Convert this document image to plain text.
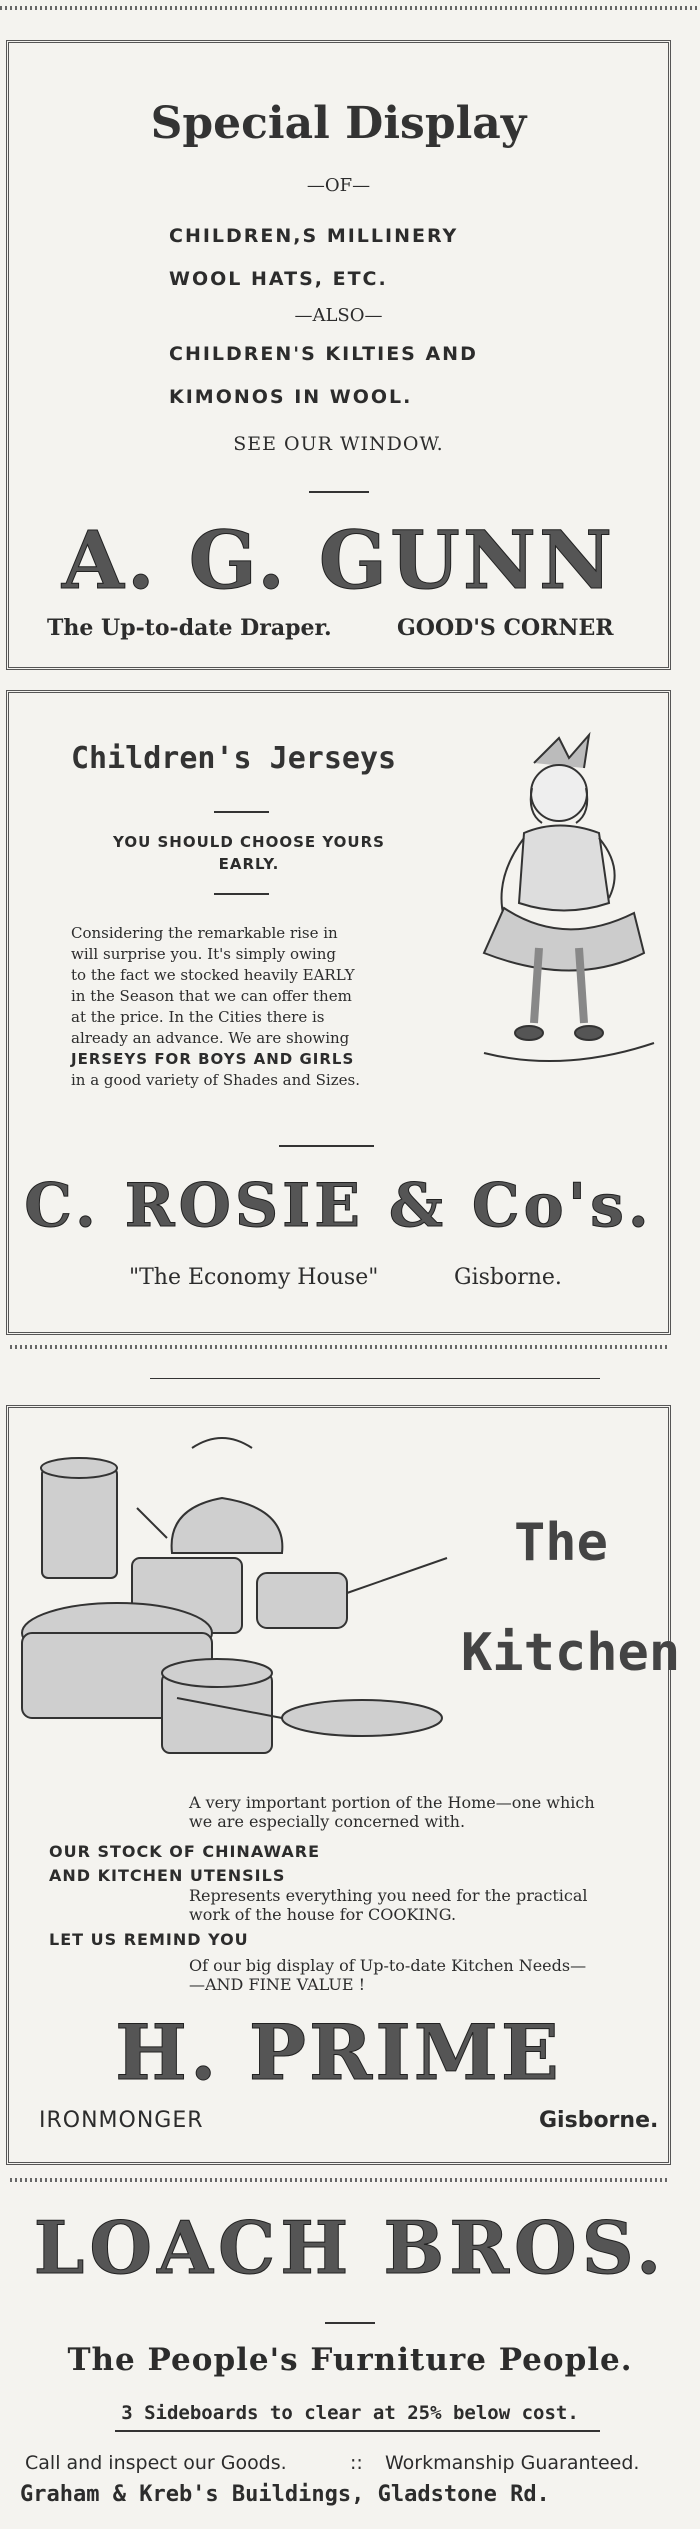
Special Display
—OF—
CHILDREN,S MILLINERY
WOOL HATS, ETC.
—ALSO—
CHILDREN'S KILTIES AND
KIMONOS IN WOOL.
SEE OUR WINDOW.
A. G. GUNN
The Up-to-date Draper.	GOOD'S CORNER
Children's Jerseys
YOU SHOULD CHOOSE YOURS
EARLY.

Considering the remarkable rise in

will surprise you. It's simply owing

to the fact we stocked heavily EARLY

in the Season that we can offer them

at the price. In the Cities there is

already an advance. We are showing

JERSEYS FOR BOYS AND GIRLS

in a good variety of Shades and Sizes.

C. ROSIE & Co's.
"The Economy House"	Gisborne.
The
Kitchen

A very important portion of the Home—one which

we are especially concerned with.

OUR STOCK OF CHINAWARE

AND KITCHEN UTENSILS

Represents everything you need for the practical

work of the house for COOKING.

LET US REMIND YOU

Of our big display of Up-to-date Kitchen Needs—

—AND FINE VALUE !

H. PRIME
IRONMONGER	Gisborne.
LOACH BROS.
The People's Furniture People.
3 Sideboards to clear at 25% below cost.
Call and inspect our Goods.	:: Workmanship Guaranteed.
Graham & Kreb's Buildings, Gladstone Rd.
